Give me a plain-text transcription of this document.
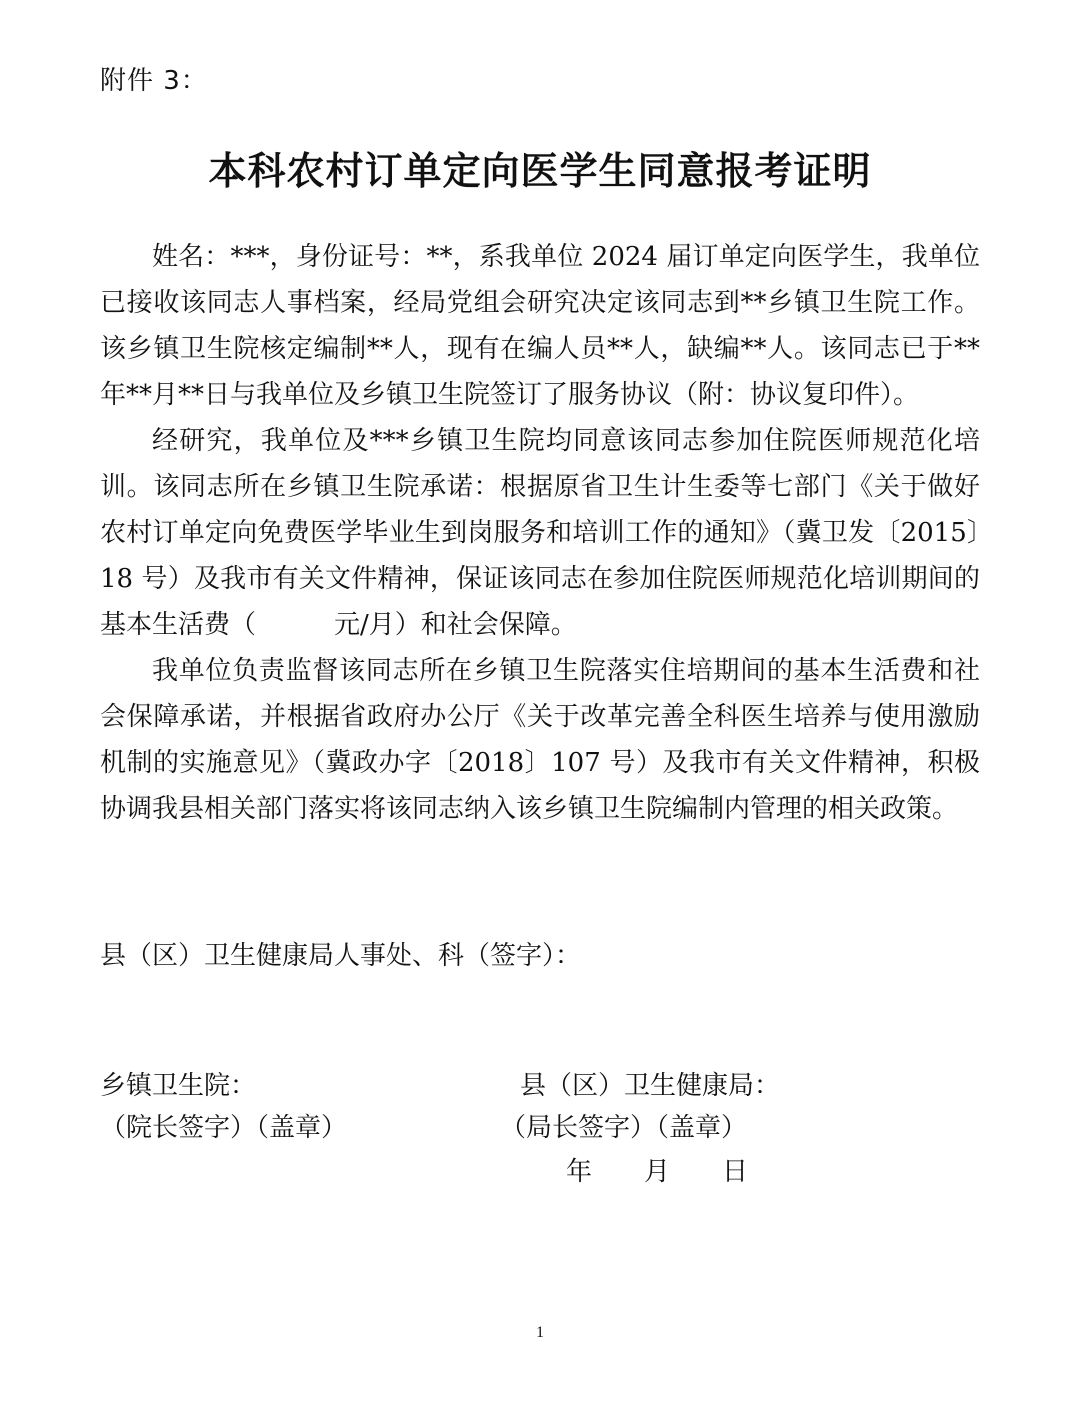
附件 3：
本科农村订单定向医学生同意报考证明

姓名：***，身份证号：**，系我单位 2024 届订单定向医学生，我单位已接收该同志人事档案，经局党组会研究决定该同志到**乡镇卫生院工作。该乡镇卫生院核定编制**人，现有在编人员**人，缺编**人。该同志已于**年**月**日与我单位及乡镇卫生院签订了服务协议（附：协议复印件）。

经研究，我单位及***乡镇卫生院均同意该同志参加住院医师规范化培训。该同志所在乡镇卫生院承诺：根据原省卫生计生委等七部门《关于做好农村订单定向免费医学毕业生到岗服务和培训工作的通知》（冀卫发〔2015〕18 号）及我市有关文件精神，保证该同志在参加住院医师规范化培训期间的基本生活费（　　　元/月）和社会保障。

我单位负责监督该同志所在乡镇卫生院落实住培期间的基本生活费和社会保障承诺，并根据省政府办公厅《关于改革完善全科医生培养与使用激励机制的实施意见》（冀政办字〔2018〕107 号）及我市有关文件精神，积极协调我县相关部门落实将该同志纳入该乡镇卫生院编制内管理的相关政策。

县（区）卫生健康局人事处、科（签字）：
乡镇卫生院：
（院长签字）（盖章）
县（区）卫生健康局：
（局长签字）（盖章）
年　　月　　日
1
